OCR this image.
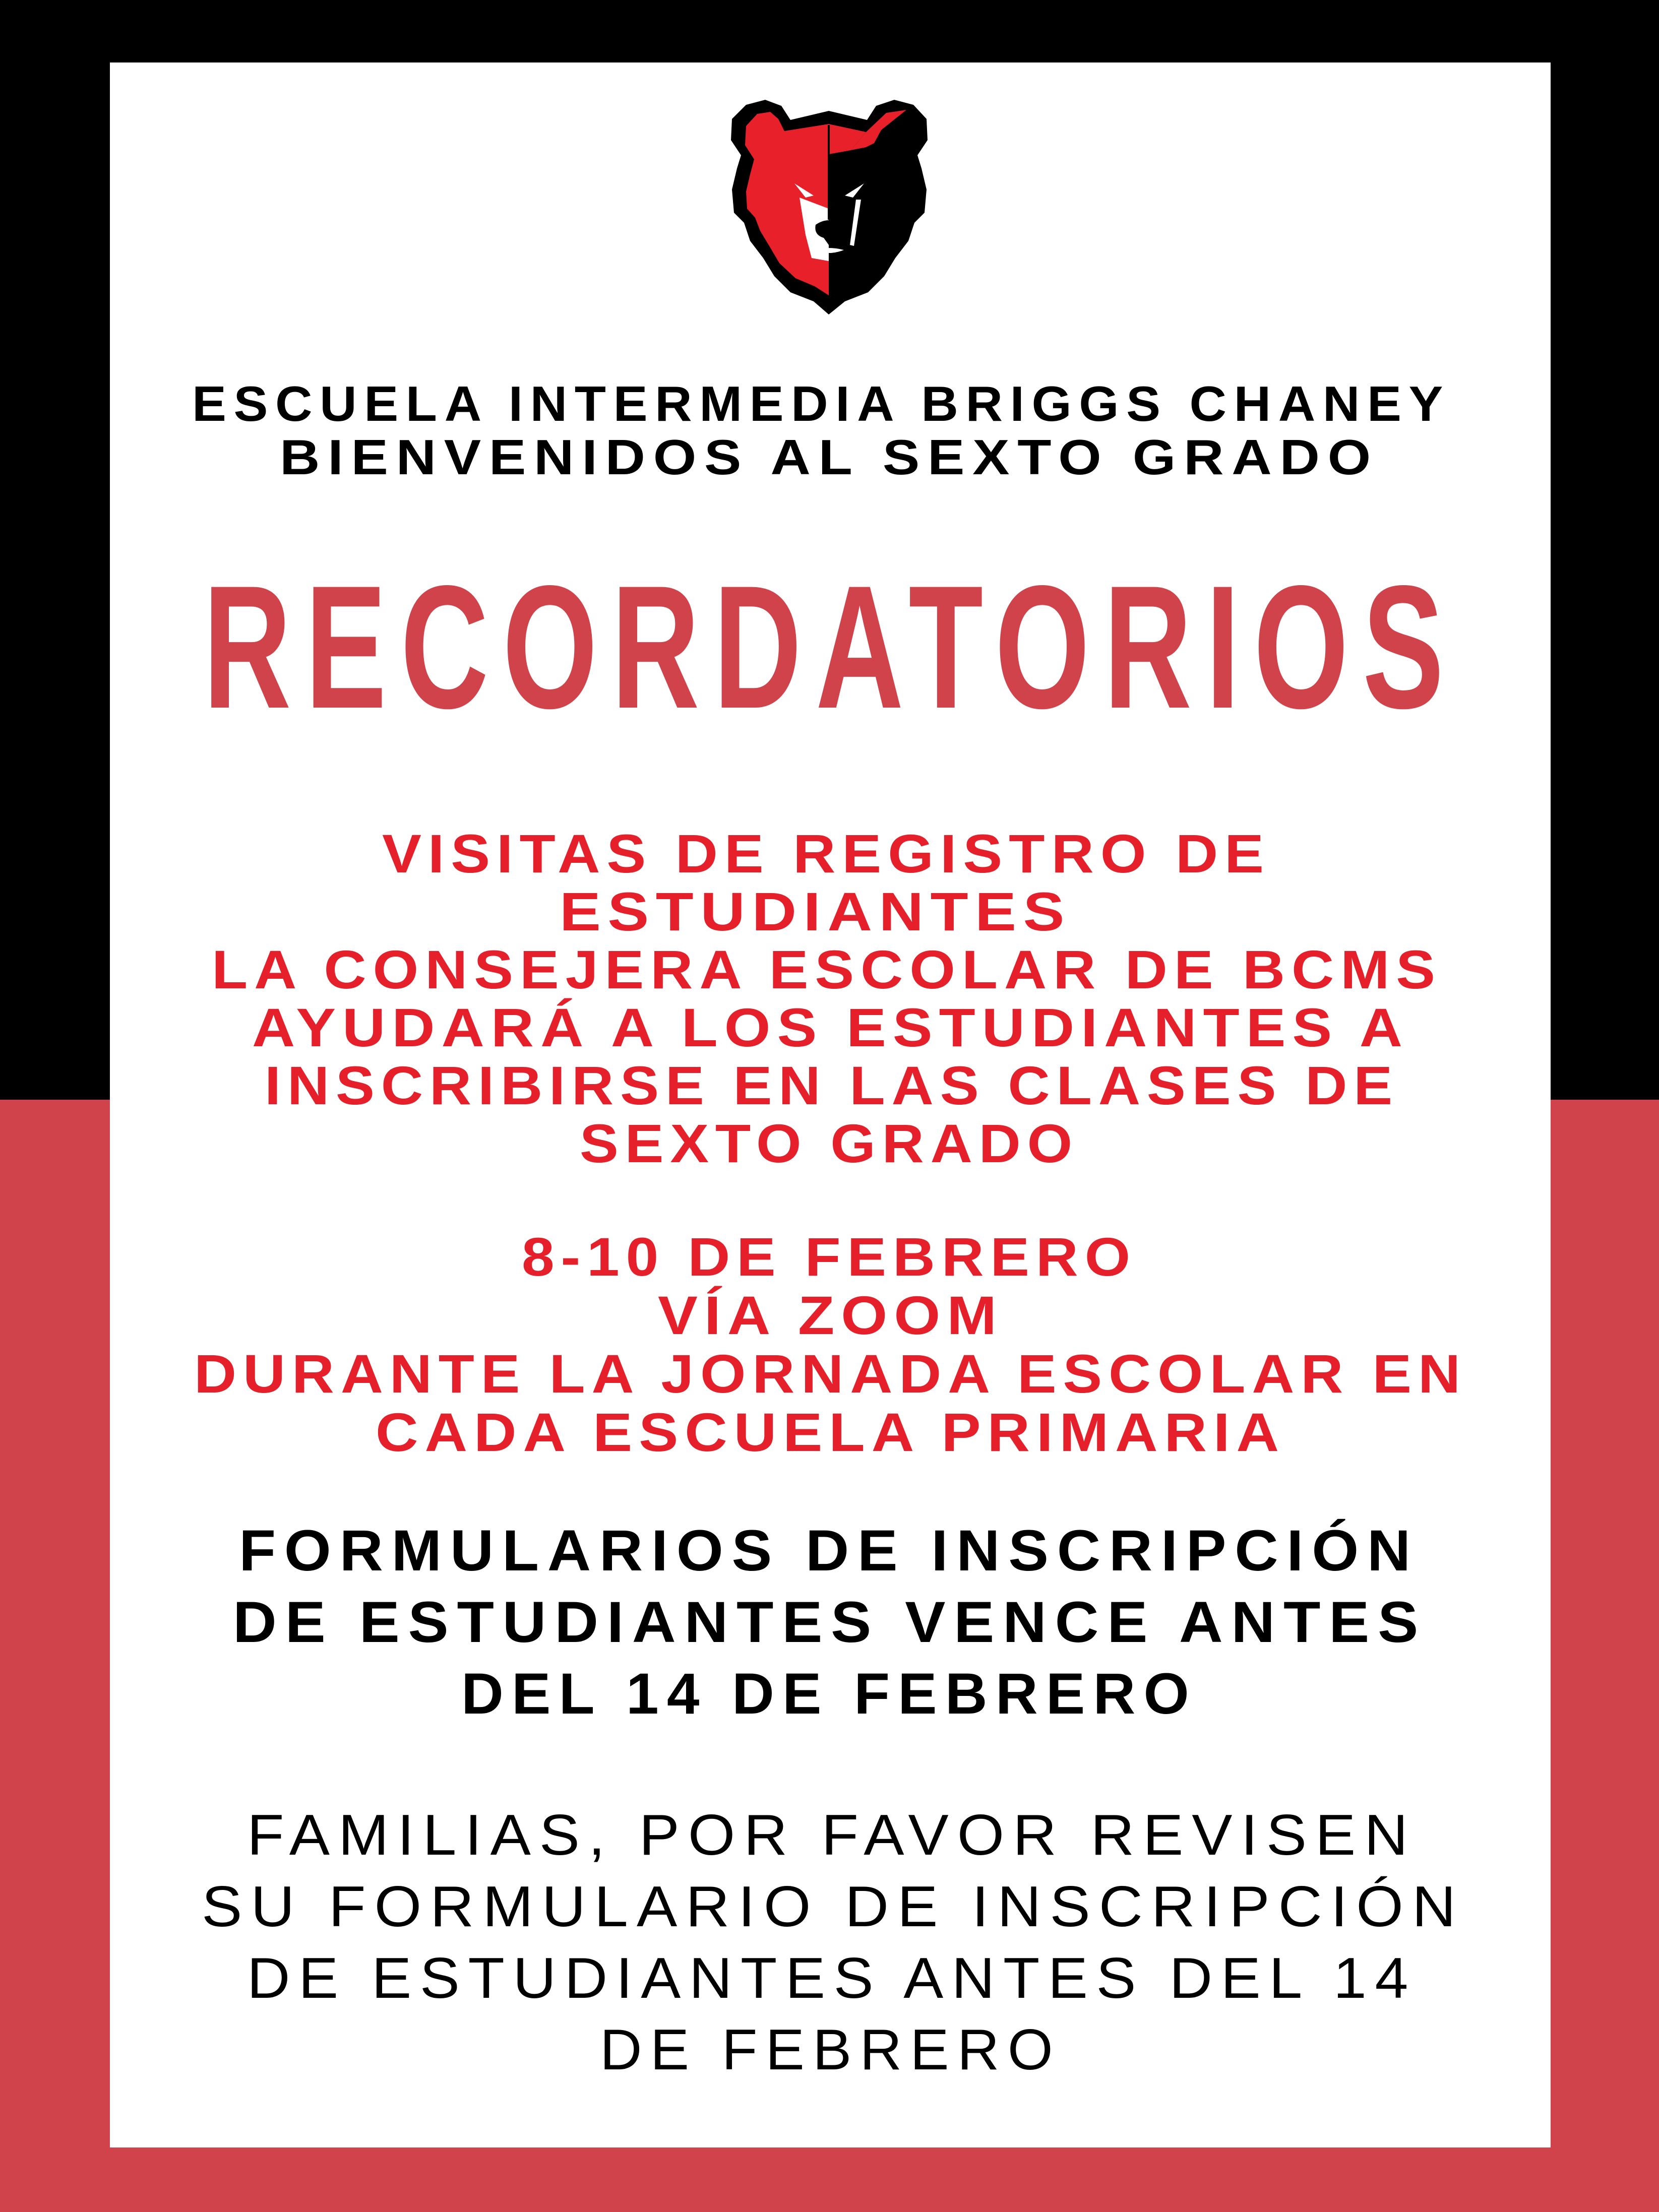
ESCUELA INTERMEDIA BRIGGS CHANEY
BIENVENIDOS AL SEXTO GRADO
RECORDATORIOS
VISITAS DE REGISTRO DE
ESTUDIANTES
LA CONSEJERA ESCOLAR DE BCMS
AYUDARÁ A LOS ESTUDIANTES A
INSCRIBIRSE EN LAS CLASES DE
SEXTO GRADO
8-10 DE FEBRERO
VÍA ZOOM
DURANTE LA JORNADA ESCOLAR EN
CADA ESCUELA PRIMARIA
FORMULARIOS DE INSCRIPCIÓN
DE ESTUDIANTES VENCE ANTES
DEL 14 DE FEBRERO
FAMILIAS, POR FAVOR REVISEN
SU FORMULARIO DE INSCRIPCIÓN
DE ESTUDIANTES ANTES DEL 14
DE FEBRERO
